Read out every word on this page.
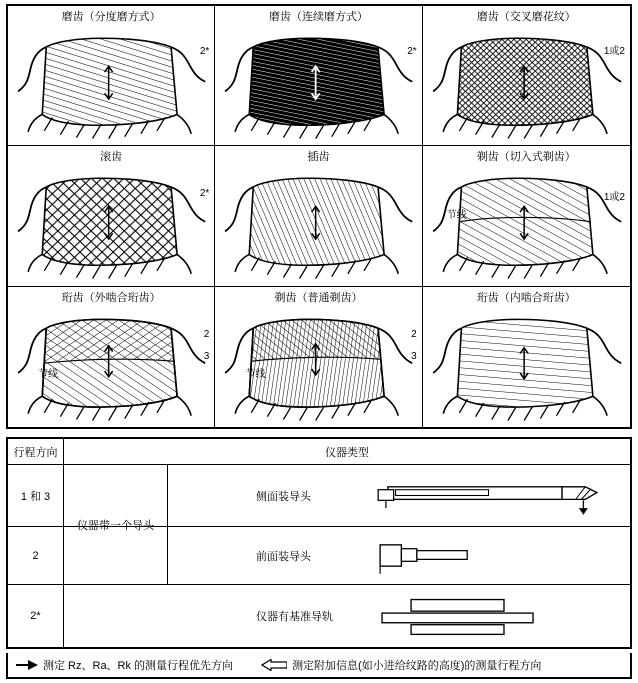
磨齿（分度磨方式）
2*
磨齿（连续磨方式）
2*
磨齿（交叉磨花纹）
1或2
滚齿
2*
插齿	剃齿（切入式剃齿）
1或2
节线
珩齿（外啮合珩齿）
2
3
节线
剃齿（普通剃齿）
2
3
节线
珩齿（内啮合珩齿）
行程方向	仪器类型
1 和 3	侧面装导头
2	前面装导头
2*	仪器有基准导轨
仪器带一个导头
测定 Rz、Ra、Rk 的测量行程优先方向	测定附加信息(如小进给纹路的高度)的测量行程方向
